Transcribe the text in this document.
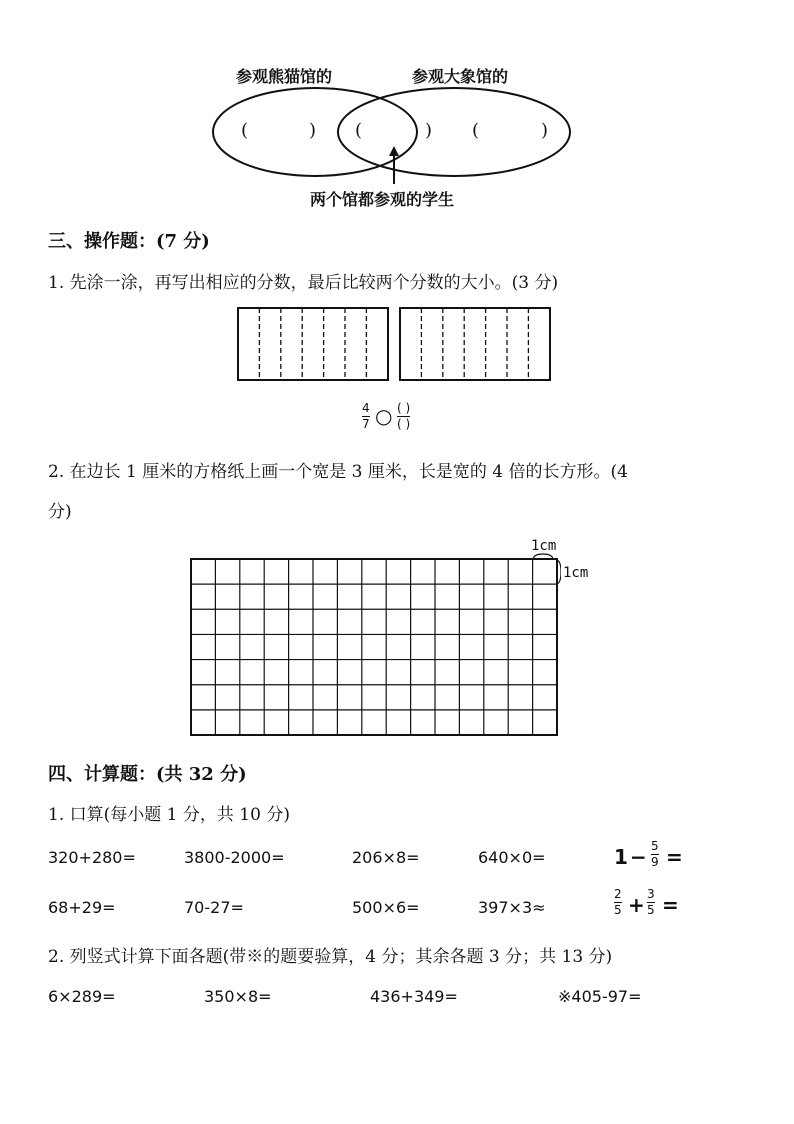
参观熊猫馆的	参观大象馆的
(	) (	) (	)
两个馆都参观的学生
三、操作题：(7 分)
1. 先涂一涂，再写出相应的分数，最后比较两个分数的大小。(3 分)
4
7 ○ ( )
( )
2. 在边长 1 厘米的方格纸上画一个宽是 3 厘米，长是宽的 4 倍的长方形。(4
分)
1cm
1cm
四、计算题：(共 32 分)
1. 口算(每小题 1 分，共 10 分)
320+280=	3800-2000=	206×8=	640×0=	1 − 5
9 =
68+29=	70-27=	500×6=	397×3≈
2
5 + 3
5 =
2. 列竖式计算下面各题(带※的题要验算，4 分；其余各题 3 分；共 13 分)
6×289=	350×8=	436+349=	※405-97=
